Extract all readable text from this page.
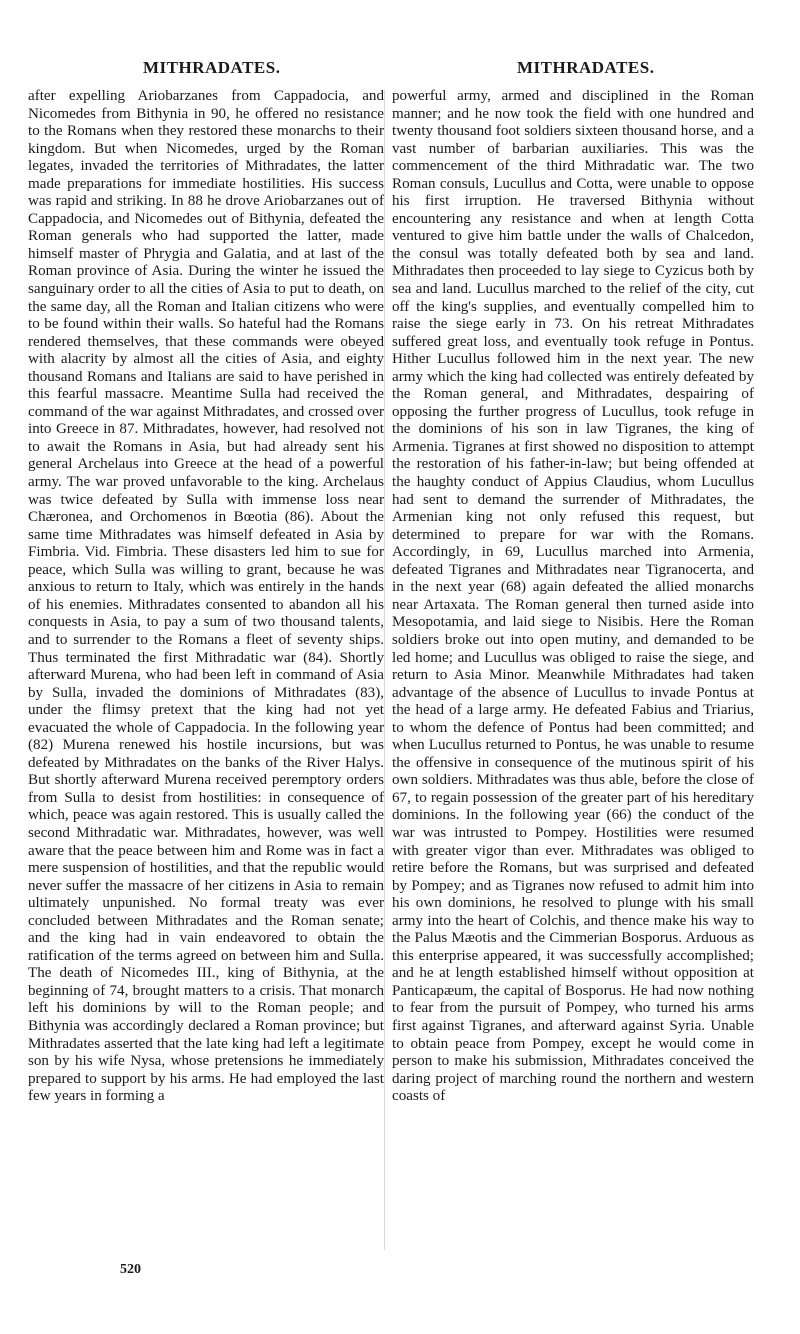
MITHRADATES.	MITHRADATES.

after expelling Ariobarzanes from Cappadocia, and Nicomedes from Bithynia in 90, he offered no resistance to the Romans when they restored these monarchs to their kingdom. But when Nicomedes, urged by the Roman legates, invaded the territories of Mithradates, the latter made preparations for immediate hostilities. His success was rapid and striking. In 88 he drove Ariobarzanes out of Cappadocia, and Nicomedes out of Bithynia, defeated the Roman generals who had supported the latter, made himself master of Phrygia and Galatia, and at last of the Roman province of Asia. During the winter he issued the sanguinary order to all the cities of Asia to put to death, on the same day, all the Roman and Italian citizens who were to be found within their walls. So hateful had the Romans rendered themselves, that these commands were obeyed with alacrity by almost all the cities of Asia, and eighty thousand Romans and Italians are said to have perished in this fearful massacre. Meantime Sulla had received the command of the war against Mithradates, and crossed over into Greece in 87. Mithradates, however, had resolved not to await the Romans in Asia, but had already sent his general Archelaus into Greece at the head of a powerful army. The war proved unfavorable to the king. Archelaus was twice defeated by Sulla with immense loss near Chæronea, and Orchomenos in Bœotia (86). About the same time Mithradates was himself defeated in Asia by Fimbria. Vid. Fimbria. These disasters led him to sue for peace, which Sulla was willing to grant, because he was anxious to return to Italy, which was entirely in the hands of his enemies. Mithradates consented to abandon all his conquests in Asia, to pay a sum of two thousand talents, and to surrender to the Romans a fleet of seventy ships. Thus terminated the first Mithradatic war (84). Shortly afterward Murena, who had been left in command of Asia by Sulla, invaded the dominions of Mithradates (83), under the flimsy pretext that the king had not yet evacuated the whole of Cappadocia. In the following year (82) Murena renewed his hostile incursions, but was defeated by Mithradates on the banks of the River Halys. But shortly afterward Murena received peremptory orders from Sulla to desist from hostilities: in consequence of which, peace was again restored. This is usually called the second Mithradatic war. Mithradates, however, was well aware that the peace between him and Rome was in fact a mere suspension of hostilities, and that the republic would never suffer the massacre of her citizens in Asia to remain ultimately unpunished. No formal treaty was ever concluded between Mithradates and the Roman senate; and the king had in vain endeavored to obtain the ratification of the terms agreed on between him and Sulla. The death of Nicomedes III., king of Bithynia, at the beginning of 74, brought matters to a crisis. That monarch left his dominions by will to the Roman people; and Bithynia was accordingly declared a Roman province; but Mithradates asserted that the late king had left a legitimate son by his wife Nysa, whose pretensions he immediately prepared to support by his arms. He had employed the last few years in forming a

powerful army, armed and disciplined in the Roman manner; and he now took the field with one hundred and twenty thousand foot soldiers sixteen thousand horse, and a vast number of barbarian auxiliaries. This was the commencement of the third Mithradatic war. The two Roman consuls, Lucullus and Cotta, were unable to oppose his first irruption. He traversed Bithynia without encountering any resistance and when at length Cotta ventured to give him battle under the walls of Chalcedon, the consul was totally defeated both by sea and land. Mithradates then proceeded to lay siege to Cyzicus both by sea and land. Lucullus marched to the relief of the city, cut off the king's supplies, and eventually compelled him to raise the siege early in 73. On his retreat Mithradates suffered great loss, and eventually took refuge in Pontus. Hither Lucullus followed him in the next year. The new army which the king had collected was entirely defeated by the Roman general, and Mithradates, despairing of opposing the further progress of Lucullus, took refuge in the dominions of his son in law Tigranes, the king of Armenia. Tigranes at first showed no disposition to attempt the restoration of his father-in-law; but being offended at the haughty conduct of Appius Claudius, whom Lucullus had sent to demand the surrender of Mithradates, the Armenian king not only refused this request, but determined to prepare for war with the Romans. Accordingly, in 69, Lucullus marched into Armenia, defeated Tigranes and Mithradates near Tigranocerta, and in the next year (68) again defeated the allied monarchs near Artaxata. The Roman general then turned aside into Mesopotamia, and laid siege to Nisibis. Here the Roman soldiers broke out into open mutiny, and demanded to be led home; and Lucullus was obliged to raise the siege, and return to Asia Minor. Meanwhile Mithradates had taken advantage of the absence of Lucullus to invade Pontus at the head of a large army. He defeated Fabius and Triarius, to whom the defence of Pontus had been committed; and when Lucullus returned to Pontus, he was unable to resume the offensive in consequence of the mutinous spirit of his own soldiers. Mithradates was thus able, before the close of 67, to regain possession of the greater part of his hereditary dominions. In the following year (66) the conduct of the war was intrusted to Pompey. Hostilities were resumed with greater vigor than ever. Mithradates was obliged to retire before the Romans, but was surprised and defeated by Pompey; and as Tigranes now refused to admit him into his own dominions, he resolved to plunge with his small army into the heart of Colchis, and thence make his way to the Palus Mæotis and the Cimmerian Bosporus. Arduous as this enterprise appeared, it was successfully accomplished; and he at length established himself without opposition at Panticapæum, the capital of Bosporus. He had now nothing to fear from the pursuit of Pompey, who turned his arms first against Tigranes, and afterward against Syria. Unable to obtain peace from Pompey, except he would come in person to make his submission, Mithradates conceived the daring project of marching round the northern and western coasts of

520
